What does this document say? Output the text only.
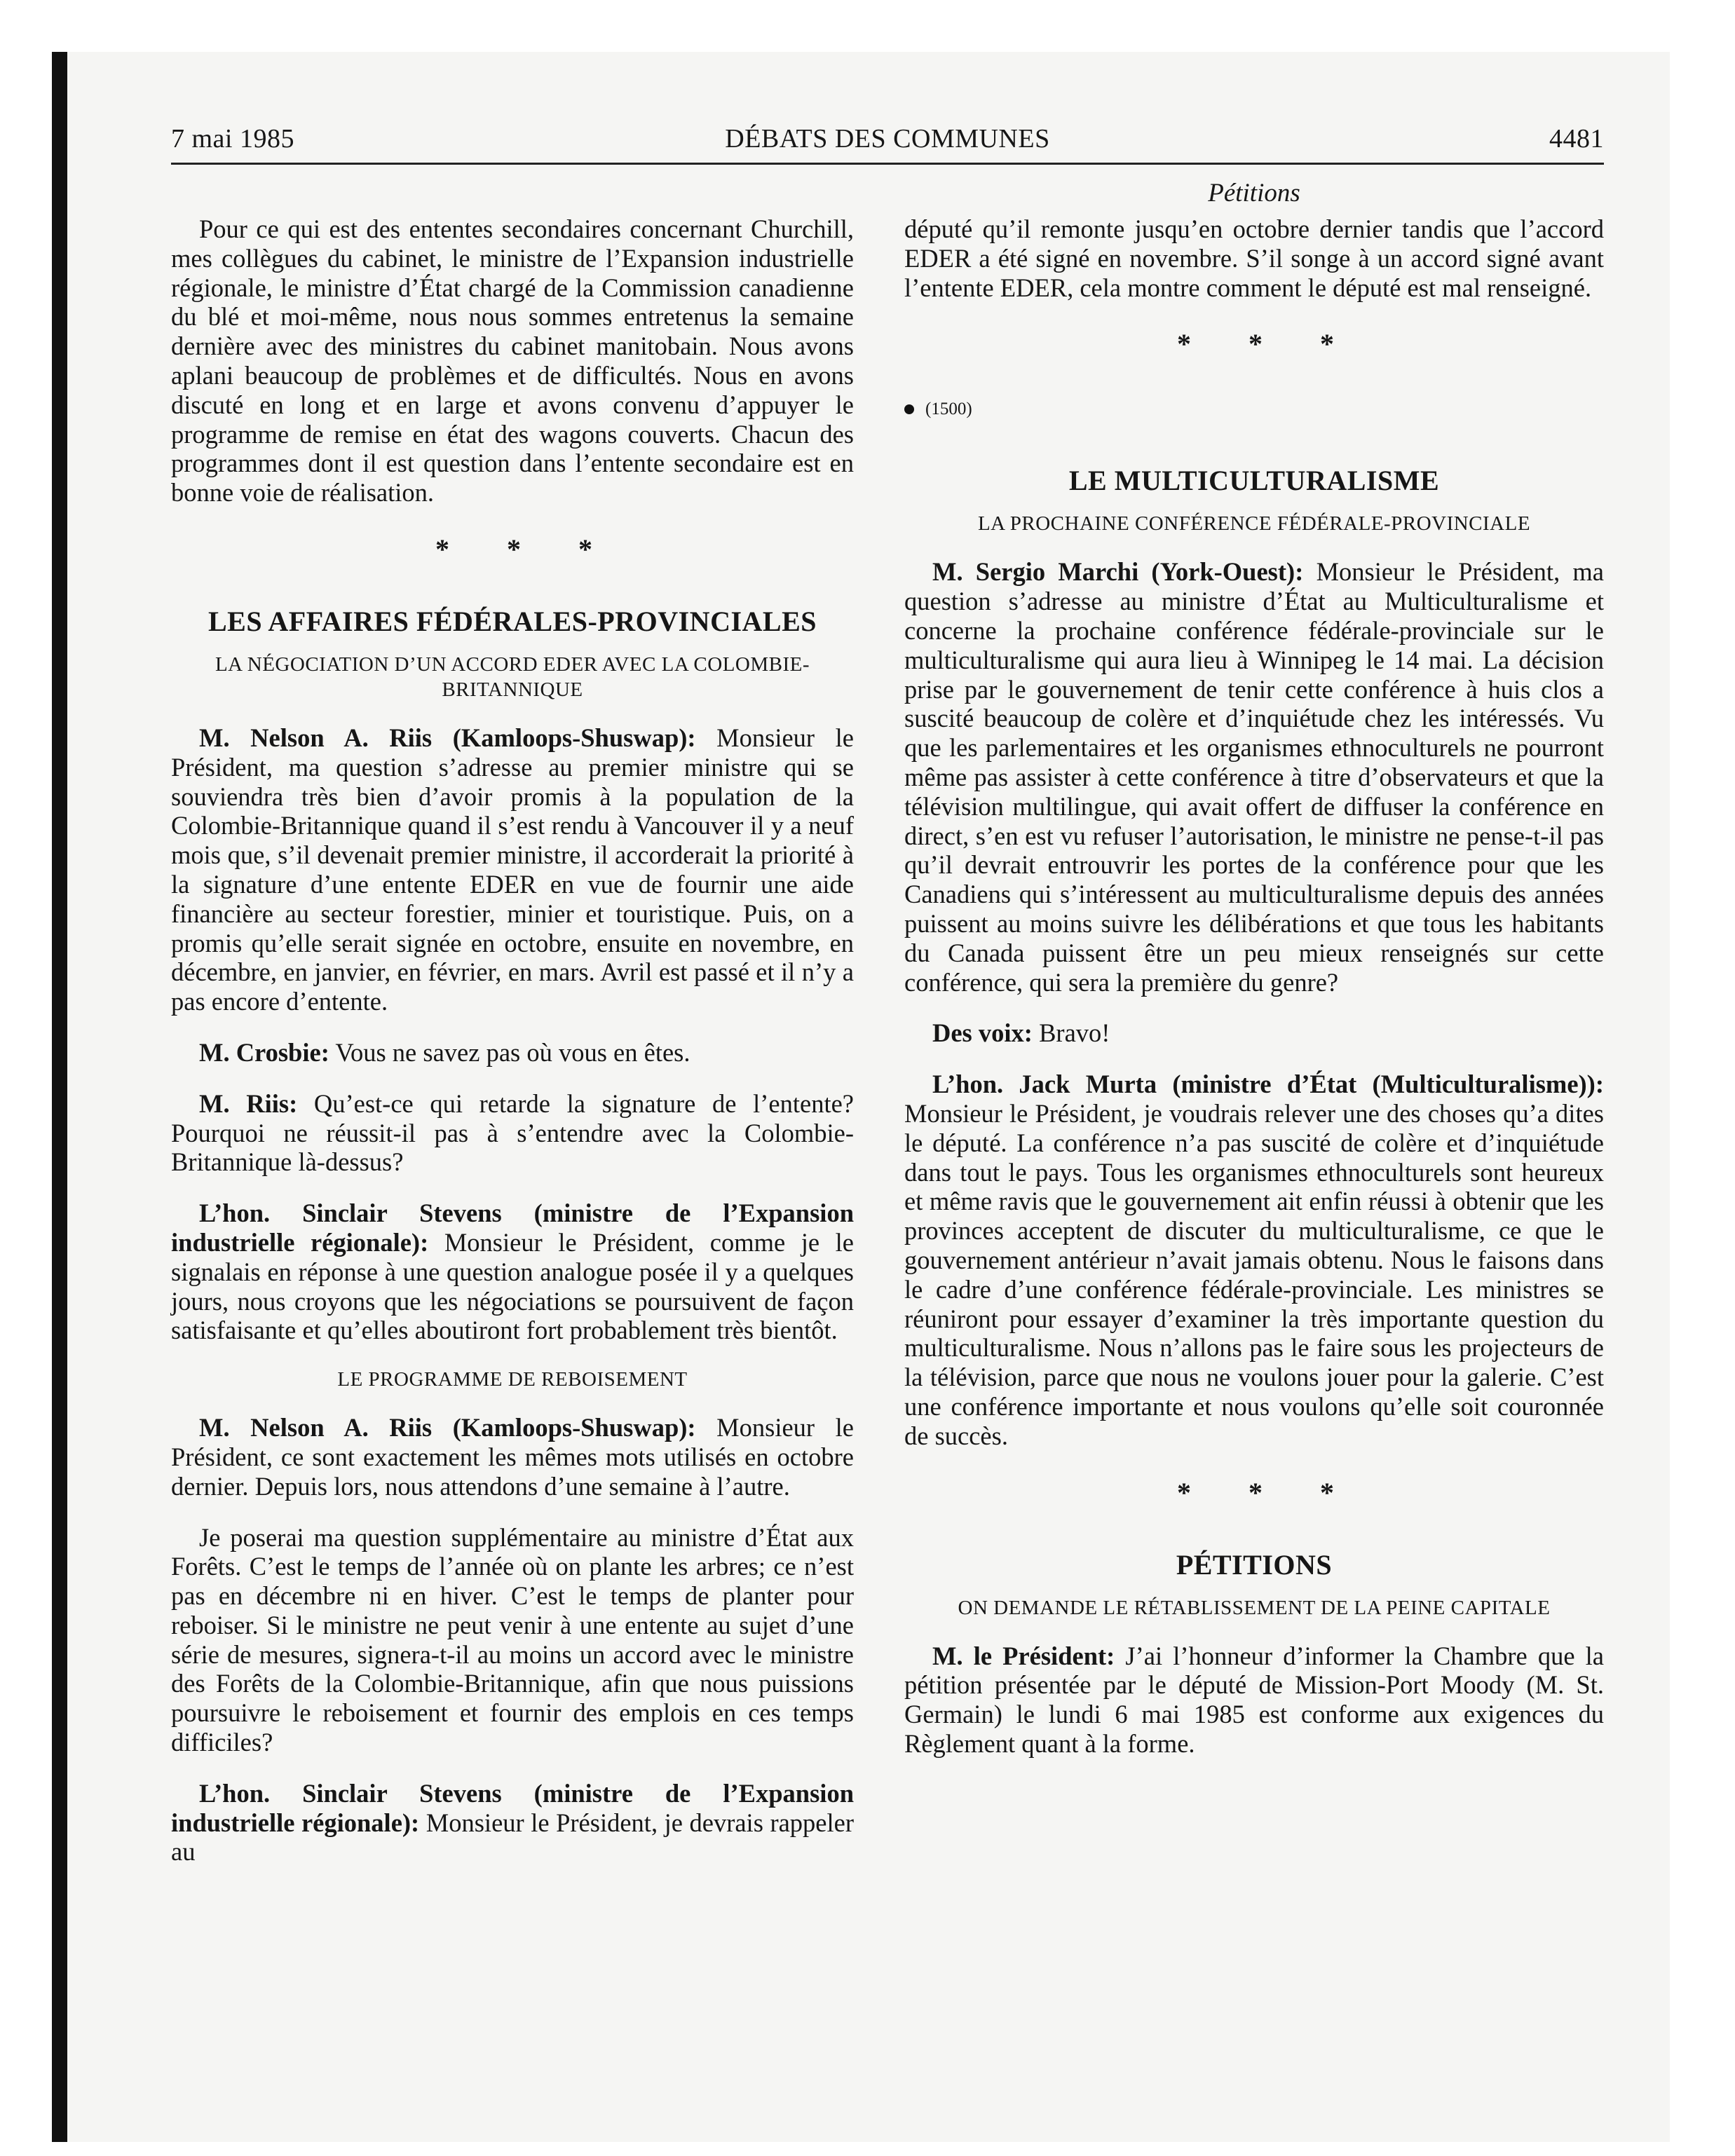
7 mai 1985	DÉBATS DES COMMUNES	4481
Pétitions

Pour ce qui est des ententes secondaires concernant Churchill, mes collègues du cabinet, le ministre de l’Expansion industrielle régionale, le ministre d’État chargé de la Commission canadienne du blé et moi-même, nous nous sommes entretenus la semaine dernière avec des ministres du cabinet manitobain. Nous avons aplani beaucoup de problèmes et de difficultés. Nous en avons discuté en long et en large et avons convenu d’appuyer le programme de remise en état des wagons couverts. Chacun des programmes dont il est question dans l’entente secondaire est en bonne voie de réalisation.

* * *
LES AFFAIRES FÉDÉRALES-PROVINCIALES
LA NÉGOCIATION D’UN ACCORD EDER AVEC LA COLOMBIE-BRITANNIQUE

M. Nelson A. Riis (Kamloops-Shuswap): Monsieur le Président, ma question s’adresse au premier ministre qui se souviendra très bien d’avoir promis à la population de la Colombie-Britannique quand il s’est rendu à Vancouver il y a neuf mois que, s’il devenait premier ministre, il accorderait la priorité à la signature d’une entente EDER en vue de fournir une aide financière au secteur forestier, minier et touristique. Puis, on a promis qu’elle serait signée en octobre, ensuite en novembre, en décembre, en janvier, en février, en mars. Avril est passé et il n’y a pas encore d’entente.

M. Crosbie: Vous ne savez pas où vous en êtes.

M. Riis: Qu’est-ce qui retarde la signature de l’entente? Pourquoi ne réussit-il pas à s’entendre avec la Colombie-Britannique là-dessus?

L’hon. Sinclair Stevens (ministre de l’Expansion industrielle régionale): Monsieur le Président, comme je le signalais en réponse à une question analogue posée il y a quelques jours, nous croyons que les négociations se poursuivent de façon satisfaisante et qu’elles aboutiront fort probablement très bientôt.

LE PROGRAMME DE REBOISEMENT

M. Nelson A. Riis (Kamloops-Shuswap): Monsieur le Président, ce sont exactement les mêmes mots utilisés en octobre dernier. Depuis lors, nous attendons d’une semaine à l’autre.

Je poserai ma question supplémentaire au ministre d’État aux Forêts. C’est le temps de l’année où on plante les arbres; ce n’est pas en décembre ni en hiver. C’est le temps de planter pour reboiser. Si le ministre ne peut venir à une entente au sujet d’une série de mesures, signera-t-il au moins un accord avec le ministre des Forêts de la Colombie-Britannique, afin que nous puissions poursuivre le reboisement et fournir des emplois en ces temps difficiles?

L’hon. Sinclair Stevens (ministre de l’Expansion industrielle régionale): Monsieur le Président, je devrais rappeler au

député qu’il remonte jusqu’en octobre dernier tandis que l’accord EDER a été signé en novembre. S’il songe à un accord signé avant l’entente EDER, cela montre comment le député est mal renseigné.

* * *
(1500)
LE MULTICULTURALISME
LA PROCHAINE CONFÉRENCE FÉDÉRALE-PROVINCIALE

M. Sergio Marchi (York-Ouest): Monsieur le Président, ma question s’adresse au ministre d’État au Multiculturalisme et concerne la prochaine conférence fédérale-provinciale sur le multiculturalisme qui aura lieu à Winnipeg le 14 mai. La décision prise par le gouvernement de tenir cette conférence à huis clos a suscité beaucoup de colère et d’inquiétude chez les intéressés. Vu que les parlementaires et les organismes ethnoculturels ne pourront même pas assister à cette conférence à titre d’observateurs et que la télévision multilingue, qui avait offert de diffuser la conférence en direct, s’en est vu refuser l’autorisation, le ministre ne pense-t-il pas qu’il devrait entrouvrir les portes de la conférence pour que les Canadiens qui s’intéressent au multiculturalisme depuis des années puissent au moins suivre les délibérations et que tous les habitants du Canada puissent être un peu mieux renseignés sur cette conférence, qui sera la première du genre?

Des voix: Bravo!

L’hon. Jack Murta (ministre d’État (Multiculturalisme)): Monsieur le Président, je voudrais relever une des choses qu’a dites le député. La conférence n’a pas suscité de colère et d’inquiétude dans tout le pays. Tous les organismes ethnoculturels sont heureux et même ravis que le gouvernement ait enfin réussi à obtenir que les provinces acceptent de discuter du multiculturalisme, ce que le gouvernement antérieur n’avait jamais obtenu. Nous le faisons dans le cadre d’une conférence fédérale-provinciale. Les ministres se réuniront pour essayer d’examiner la très importante question du multiculturalisme. Nous n’allons pas le faire sous les projecteurs de la télévision, parce que nous ne voulons jouer pour la galerie. C’est une conférence importante et nous voulons qu’elle soit couronnée de succès.

* * *
PÉTITIONS
ON DEMANDE LE RÉTABLISSEMENT DE LA PEINE CAPITALE

M. le Président: J’ai l’honneur d’informer la Chambre que la pétition présentée par le député de Mission-Port Moody (M. St. Germain) le lundi 6 mai 1985 est conforme aux exigences du Règlement quant à la forme.
